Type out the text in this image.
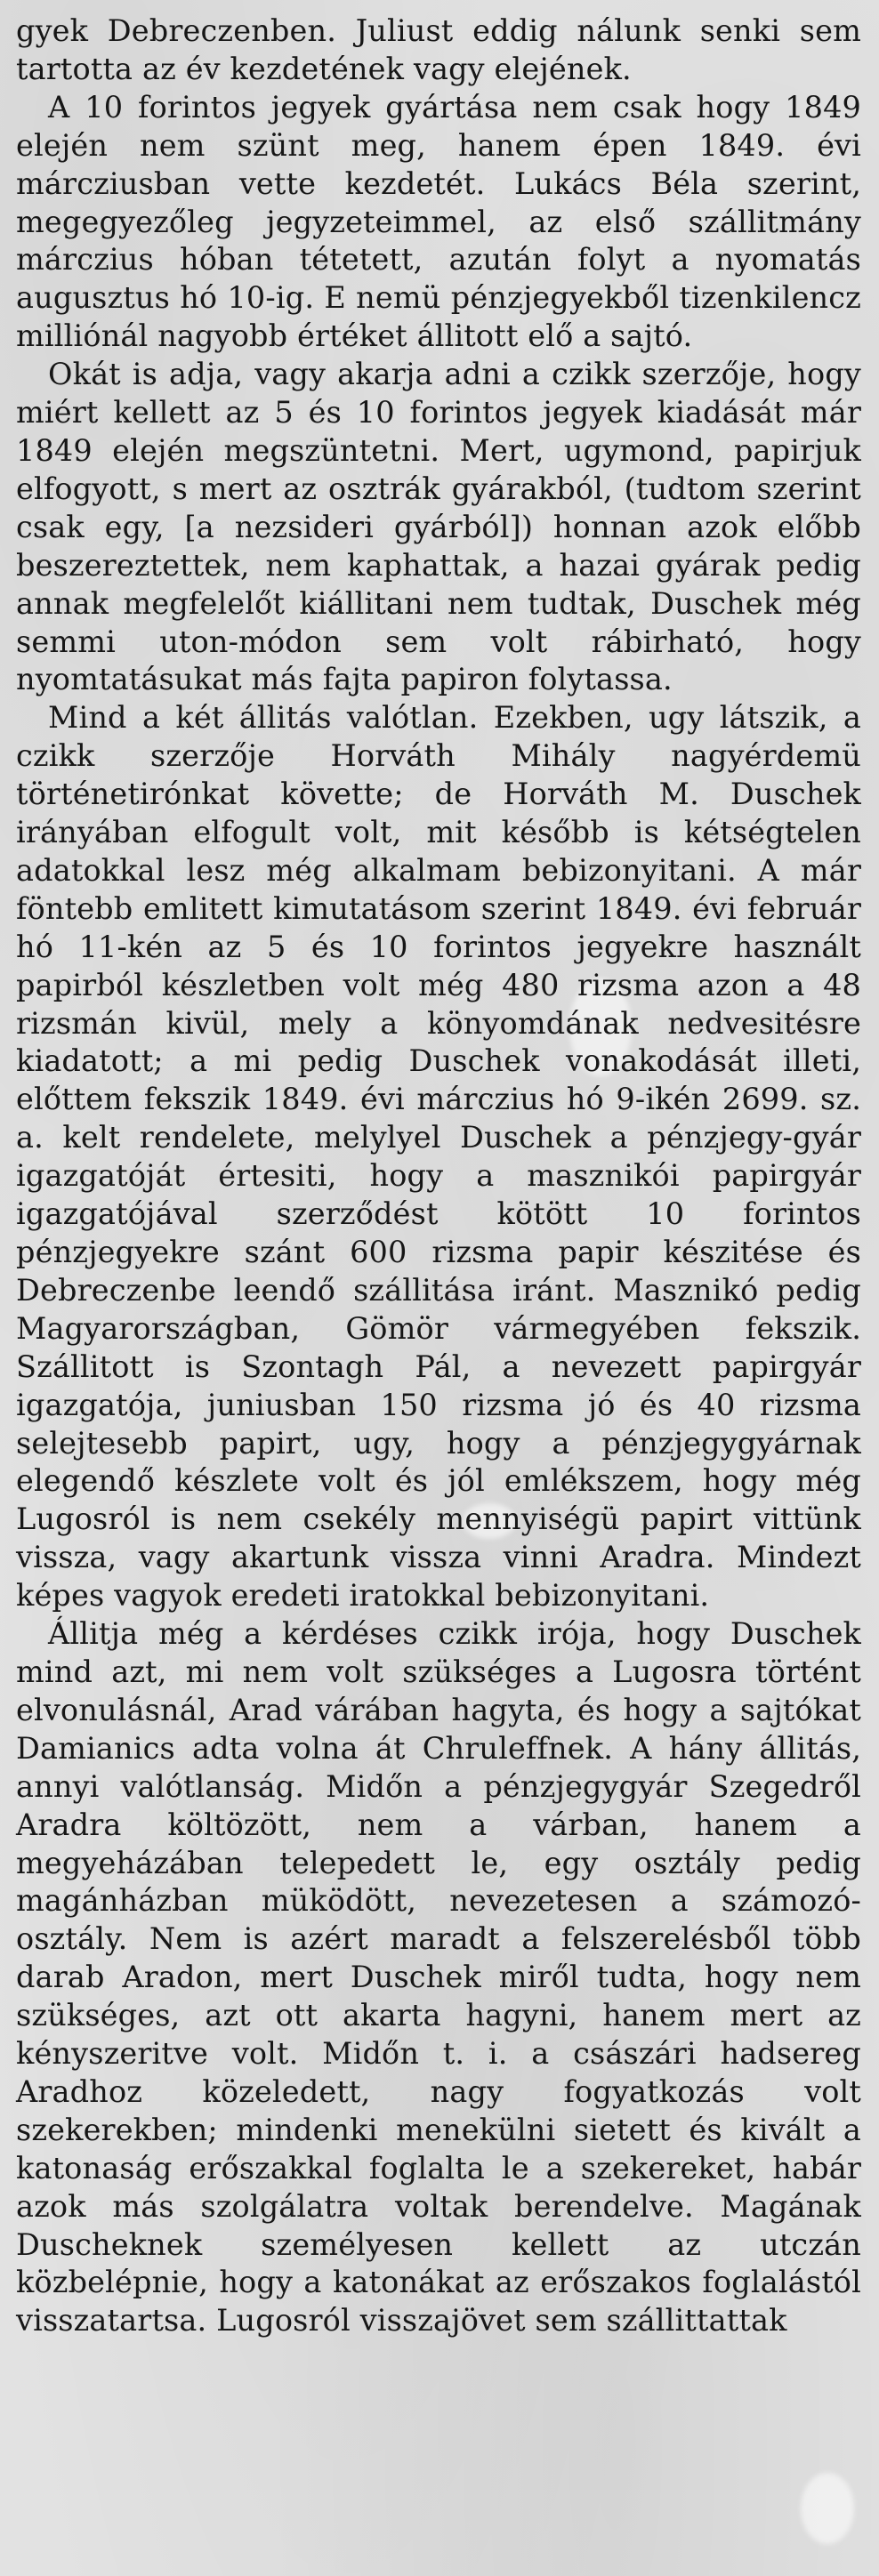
gyek Debreczenben. Juliust eddig nálunk senki sem tartotta az év kezdetének vagy elejének.

A 10 forintos jegyek gyártása nem csak hogy 1849 elején nem szünt meg, hanem épen 1849. évi márcziusban vette kezdetét. Lukács Béla szerint, megegyezőleg jegyzeteimmel, az első szállitmány márczius hóban tétetett, azután folyt a nyomatás augusztus hó 10-ig. E nemü pénzjegyekből tizenkilencz milliónál nagyobb értéket állitott elő a sajtó.

Okát is adja, vagy akarja adni a czikk szerzője, hogy miért kellett az 5 és 10 forintos jegyek kiadását már 1849 elején megszüntetni. Mert, ugymond, papirjuk elfogyott, s mert az osztrák gyárakból, (tudtom szerint csak egy, [a nezsideri gyárból]) honnan azok előbb beszereztettek, nem kaphattak, a hazai gyárak pedig annak megfelelőt kiállitani nem tudtak, Duschek még semmi uton-módon sem volt rábirható, hogy nyomtatásukat más fajta papiron folytassa.

Mind a két állitás valótlan. Ezekben, ugy látszik, a czikk szerzője Horváth Mihály nagyérdemü történetirónkat követte; de Horváth M. Duschek irányában elfogult volt, mit később is kétségtelen adatokkal lesz még alkalmam bebizonyitani. A már föntebb emlitett kimutatásom szerint 1849. évi február hó 11-kén az 5 és 10 forintos jegyekre használt papirból készletben volt még 480 rizsma azon a 48 rizsmán kivül, mely a könyomdának nedvesitésre kiadatott; a mi pedig Duschek vonakodását illeti, előttem fekszik 1849. évi márczius hó 9-ikén 2699. sz. a. kelt rendelete, melylyel Duschek a pénzjegy-gyár igazgatóját értesiti, hogy a masznikói papirgyár igazgatójával szerződést kötött 10 forintos pénzjegyekre szánt 600 rizsma papir készitése és Debreczenbe leendő szállitása iránt. Masznikó pedig Magyarországban, Gömör vármegyében fekszik. Szállitott is Szontagh Pál, a nevezett papirgyár igazgatója, juniusban 150 rizsma jó és 40 rizsma selejtesebb papirt, ugy, hogy a pénzjegygyárnak elegendő készlete volt és jól emlékszem, hogy még Lugosról is nem csekély mennyiségü papirt vittünk vissza, vagy akartunk vissza vinni Aradra. Mindezt képes vagyok eredeti iratokkal bebizonyitani.

Állitja még a kérdéses czikk irója, hogy Duschek mind azt, mi nem volt szükséges a Lugosra történt elvonulásnál, Arad várában hagyta, és hogy a sajtókat Damianics adta volna át Chruleffnek. A hány állitás, annyi valótlanság. Midőn a pénzjegygyár Szegedről Aradra költözött, nem a várban, hanem a megyeházában telepedett le, egy osztály pedig magánházban müködött, nevezetesen a számozó-osztály. Nem is azért maradt a felszerelésből több darab Aradon, mert Duschek miről tudta, hogy nem szükséges, azt ott akarta hagyni, hanem mert az kényszeritve volt. Midőn t. i. a császári hadsereg Aradhoz közeledett, nagy fogyatkozás volt szekerekben; mindenki menekülni sietett és kivált a katonaság erőszakkal foglalta le a szekereket, habár azok más szolgálatra voltak berendelve. Magának Duscheknek személyesen kellett az utczán közbelépnie, hogy a katonákat az erőszakos foglalástól visszatartsa. Lugosról visszajövet sem szállittattak
